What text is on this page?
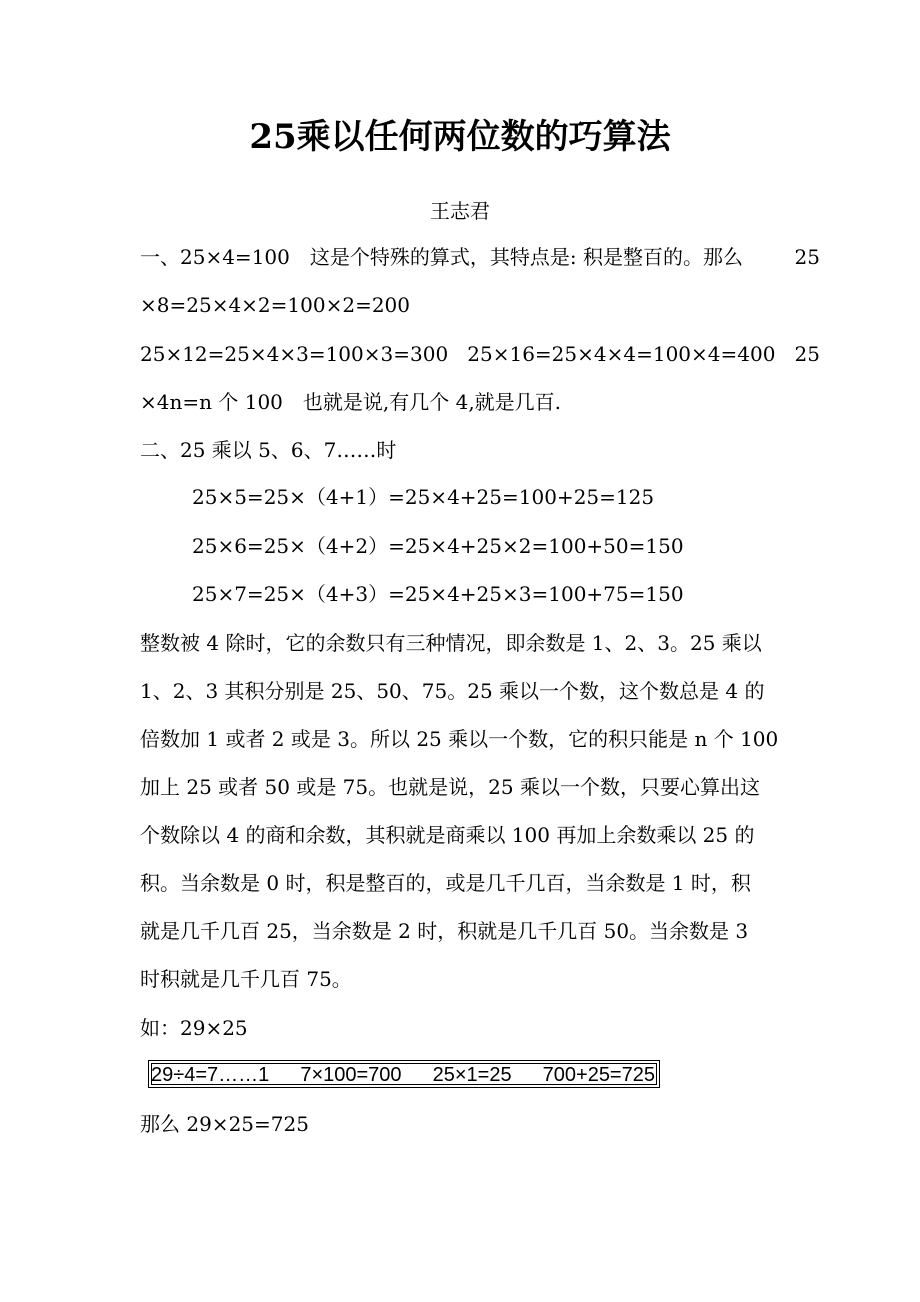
25乘以任何两位数的巧算法
王志君
一、25×4=100　这是个特殊的算式，其特点是: 积是整百的。那么	25
×8=25×4×2=100×2=200
25×12=25×4×3=100×3=300 25×16=25×4×4=100×4=400 25
×4n=n 个 100　也就是说,有几个 4,就是几百.
二、25 乘以 5、6、7……时
25×5=25×（4+1）=25×4+25=100+25=125
25×6=25×（4+2）=25×4+25×2=100+50=150
25×7=25×（4+3）=25×4+25×3=100+75=150
整数被 4 除时，它的余数只有三种情况，即余数是 1、2、3。25 乘以
1、2、3 其积分别是 25、50、75。25 乘以一个数，这个数总是 4 的
倍数加 1 或者 2 或是 3。所以 25 乘以一个数，它的积只能是 n 个 100
加上 25 或者 50 或是 75。也就是说，25 乘以一个数，只要心算出这
个数除以 4 的商和余数，其积就是商乘以 100 再加上余数乘以 25 的
积。当余数是 0 时，积是整百的，或是几千几百，当余数是 1 时，积
就是几千几百 25，当余数是 2 时，积就是几千几百 50。当余数是 3
时积就是几千几百 75。
如：29×25
29÷4=7……1 7×100=700 25×1=25 700+25=725
那么 29×25=725
